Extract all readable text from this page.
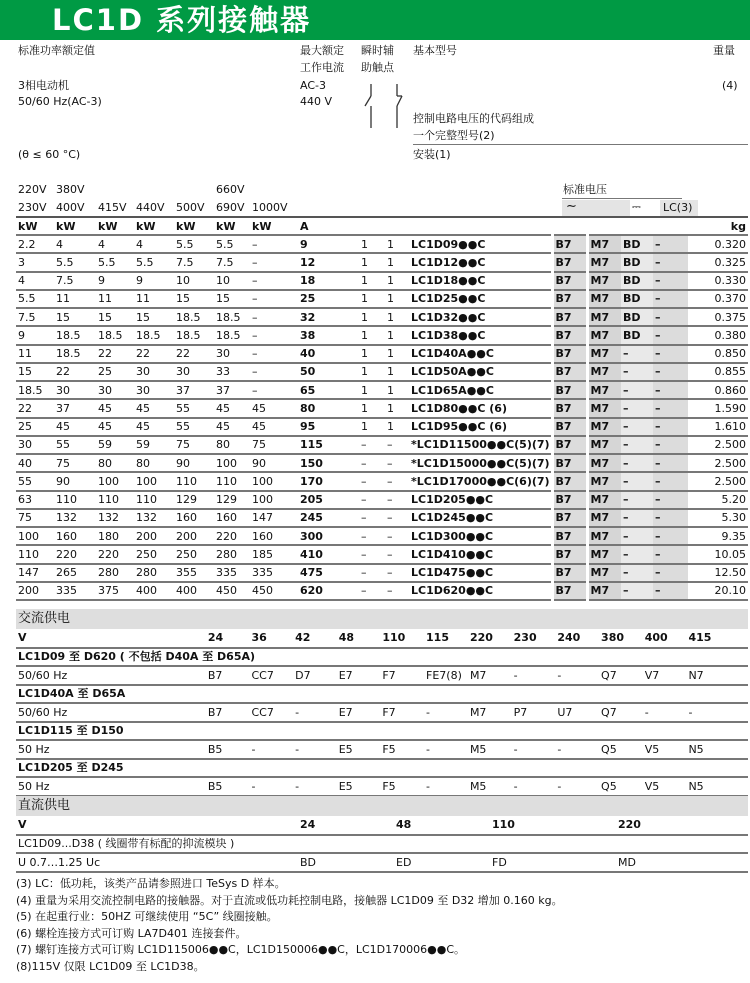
LC1D 系列接触器
标准功率额定值
3相电动机
50/60 Hz(AC-3)
(θ ≤ 60 °C)
最大额定
工作电流
AC-3
440 V
瞬时辅
助触点
基本型号	重量
(4)
控制电路电压的代码组成
一个完整型号(2)
安装(1)
220V 380V	660V
230V 400V 415V 440V 500V 690V 1000V
标准电压
∼	⎓ LC(3)
kW	kW	kW	kW	kW	kW	kW	A								kg
2.2	4	4	4	5.5	5.5	–	9	1	1	LC1D09●●C	B7	M7	BD	–	0.320
3	5.5	5.5	5.5	7.5	7.5	–	12	1	1	LC1D12●●C	B7	M7	BD	–	0.325
4	7.5	9	9	10	10	–	18	1	1	LC1D18●●C	B7	M7	BD	–	0.330
5.5	11	11	11	15	15	–	25	1	1	LC1D25●●C	B7	M7	BD	–	0.370
7.5	15	15	15	18.5	18.5	–	32	1	1	LC1D32●●C	B7	M7	BD	–	0.375
9	18.5	18.5	18.5	18.5	18.5	–	38	1	1	LC1D38●●C	B7	M7	BD	–	0.380
11	18.5	22	22	22	30	–	40	1	1	LC1D40A●●C	B7	M7	–	–	0.850
15	22	25	30	30	33	–	50	1	1	LC1D50A●●C	B7	M7	–	–	0.855
18.5	30	30	30	37	37	–	65	1	1	LC1D65A●●C	B7	M7	–	–	0.860
22	37	45	45	55	45	45	80	1	1	LC1D80●●C (6)	B7	M7	–	–	1.590
25	45	45	45	55	45	45	95	1	1	LC1D95●●C (6)	B7	M7	–	–	1.610
30	55	59	59	75	80	75	115	–	–	*LC1D11500●●C(5)(7)	B7	M7	–	–	2.500
40	75	80	80	90	100	90	150	–	–	*LC1D15000●●C(5)(7)	B7	M7	–	–	2.500
55	90	100	100	110	110	100	170	–	–	*LC1D17000●●C(6)(7)	B7	M7	–	–	2.500
63	110	110	110	129	129	100	205	–	–	LC1D205●●C	B7	M7	–	–	5.20
75	132	132	132	160	160	147	245	–	–	LC1D245●●C	B7	M7	–	–	5.30
100	160	180	200	200	220	160	300	–	–	LC1D300●●C	B7	M7	–	–	9.35
110	220	220	250	250	280	185	410	–	–	LC1D410●●C	B7	M7	–	–	10.05
147	265	280	280	355	335	335	475	–	–	LC1D475●●C	B7	M7	–	–	12.50
200	335	375	400	400	450	450	620	–	–	LC1D620●●C	B7	M7	–	–	20.10
交流供电
V	24	36	42	48	110	115	220	230	240	380	400	415	
LC1D09 至 D620 ( 不包括 D40A 至 D65A)													
50/60 Hz	B7	CC7	D7	E7	F7	FE7(8)	M7	-	-	Q7	V7	N7	
LC1D40A 至 D65A													
50/60 Hz	B7	CC7	-	E7	F7	-	M7	P7	U7	Q7	-	-	
LC1D115 至 D150													
50 Hz	B5	-	-	E5	F5	-	M5	-	-	Q5	V5	N5	
LC1D205 至 D245													
50 Hz	B5	-	-	E5	F5	-	M5	-	-	Q5	V5	N5	
直流供电
V	24	48	110	220
LC1D09...D38 ( 线圈带有标配的抑流模块 )				
U 0.7…1.25 Uc	BD	ED	FD	MD
(3) LC：低功耗，该类产品请参照进口 TeSys D 样本。
(4) 重量为采用交流控制电路的接触器。对于直流或低功耗控制电路，接触器 LC1D09 至 D32 增加 0.160 kg。
(5) 在起重行业：50HZ 可继续使用 “5C” 线圈接触。
(6) 螺栓连接方式可订购 LA7D401 连接套件。
(7) 螺钉连接方式可订购 LC1D115006●●C，LC1D150006●●C，LC1D170006●●C。
(8)115V 仅限 LC1D09 至 LC1D38。
